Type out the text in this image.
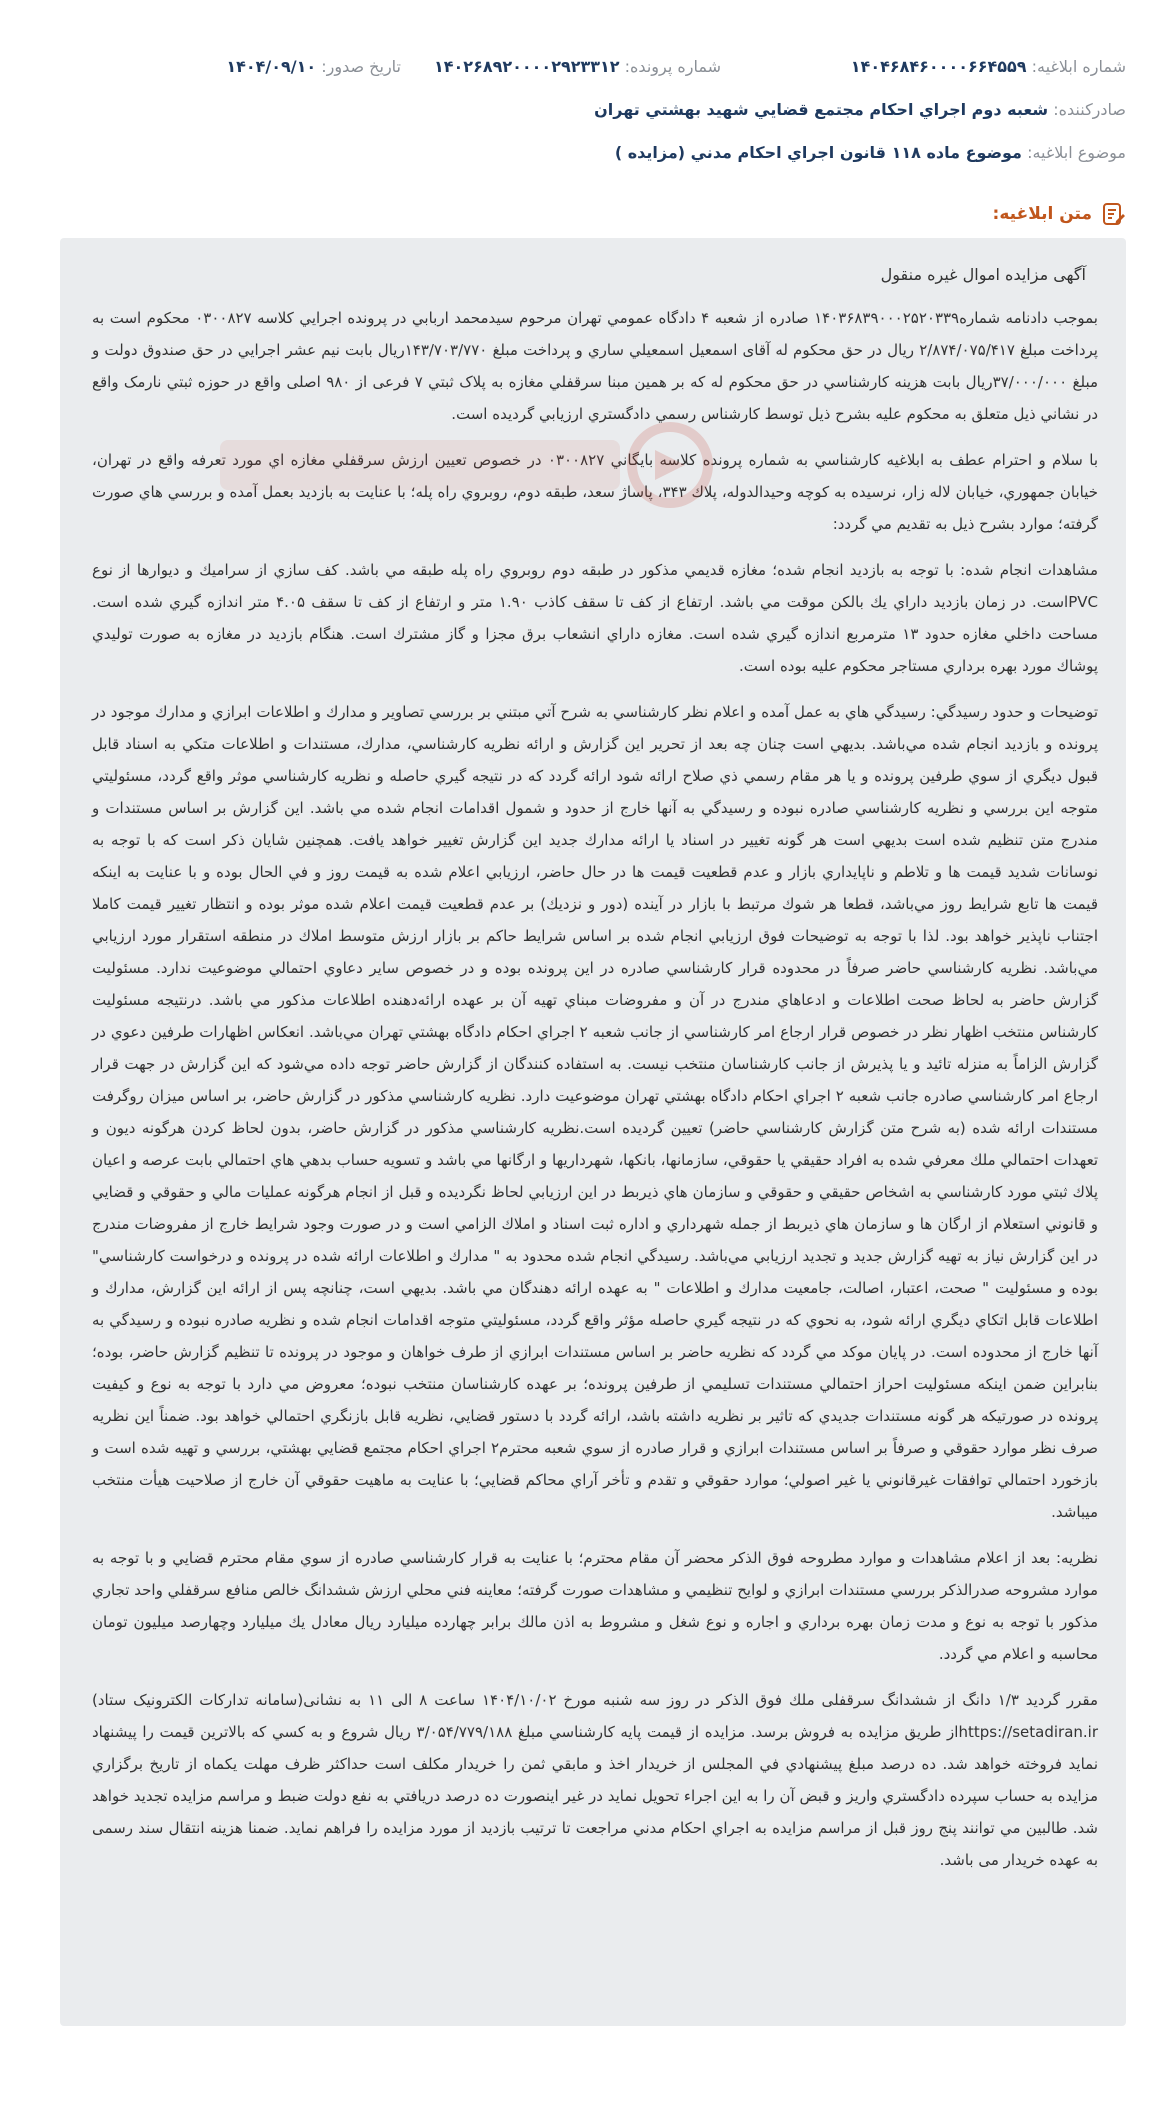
شماره ابلاغيه: ۱۴۰۴۶۸۴۶۰۰۰۰۶۶۴۵۵۹
شماره پرونده: ۱۴۰۲۶۸۹۲۰۰۰۰۲۹۲۳۳۱۲
تاريخ صدور: ۱۴۰۴/۰۹/۱۰
صادرکننده: شعبه دوم اجراي احكام مجتمع قضايي شهيد بهشتي تهران
موضوع ابلاغيه: موضوع ماده ۱۱۸ قانون اجراي احكام مدني (مزايده )
متن ابلاغيه:
آگهی مزایده اموال غیره منقول

بموجب دادنامه شماره۱۴۰۳۶۸۳۹۰۰۰۲۵۲۰۳۳۹ صادره از شعبه ۴ دادگاه عمومي تهران مرحوم سيدمحمد اربابي در پرونده اجرايي كلاسه ۰۳۰۰۸۲۷ محكوم است به پرداخت مبلغ ۲/۸۷۴/۰۷۵/۴۱۷ ريال در حق محكوم له آقای اسمعيل اسمعيلي ساري و پرداخت مبلغ ۱۴۳/۷۰۳/۷۷۰ريال بابت نيم عشر اجرایي در حق صندوق دولت و مبلغ ۳۷/۰۰۰/۰۰۰ريال بابت هزينه كارشناسي در حق محكوم له كه بر همين مبنا سرقفلي مغازه به پلاک ثبتي ۷ فرعی از ۹۸۰ اصلی واقع در حوزه ثبتي نارمک واقع در نشاني ذيل متعلق به محكوم عليه بشرح ذيل توسط كارشناس رسمي دادگستري ارزيابي گرديده است.

با سلام و احترام عطف به ابلاغيه كارشناسي به شماره پرونده كلاسه بايگاني ۰۳۰۰۸۲۷ در خصوص تعيين ارزش سرقفلي مغازه اي مورد تعرفه واقع در تهران، خيابان جمهوري، خيابان لاله زار، نرسيده به كوچه وحيدالدوله، پلاك ۳۴۳، پاساژ سعد، طبقه دوم، روبروي راه پله؛ با عنايت به بازديد بعمل آمده و بررسي هاي صورت گرفته؛ موارد بشرح ذيل به تقديم مي گردد:

مشاهدات انجام شده: با توجه به بازديد انجام شده؛ مغازه قديمي مذكور در طبقه دوم روبروي راه پله طبقه مي باشد. كف سازي از سراميك و ديوارها از نوع PVCاست. در زمان بازديد داراي يك بالكن موقت مي باشد. ارتفاع از كف تا سقف كاذب ۱.۹۰ متر و ارتفاع از كف تا سقف ۴.۰۵ متر اندازه گيري شده است. مساحت داخلي مغازه حدود ۱۳ مترمربع اندازه گيري شده است. مغازه داراي انشعاب برق مجزا و گاز مشترك است. هنگام بازديد در مغازه به صورت توليدي پوشاك مورد بهره برداري مستاجر محكوم عليه بوده است.

توضيحات و حدود رسيدگي: رسيدگي هاي به عمل آمده و اعلام نظر كارشناسي به شرح آتي مبتني بر بررسي تصاوير و مدارك و اطلاعات ابرازي و مدارك موجود در پرونده و بازديد انجام شده مي‌باشد. بديهي است چنان چه بعد از تحرير اين گزارش و ارائه نظريه كارشناسي، مدارك، مستندات و اطلاعات متكي به اسناد قابل قبول ديگري از سوي طرفين پرونده و يا هر مقام رسمي ذي صلاح ارائه شود ارائه گردد كه در نتيجه گيري حاصله و نظريه كارشناسي موثر واقع گردد، مسئوليتي متوجه اين بررسي و نظريه كارشناسي صادره نبوده و رسيدگي به آنها خارج از حدود و شمول اقدامات انجام شده مي باشد. اين گزارش بر اساس مستندات و مندرج متن تنظيم شده است بديهي است هر گونه تغيير در اسناد يا ارائه مدارك جديد اين گزارش تغيير خواهد يافت. همچنين شايان ذكر است كه با توجه به نوسانات شديد قيمت ها و تلاطم و ناپايداري بازار و عدم قطعيت قيمت ها در حال حاضر، ارزيابي اعلام شده به قيمت روز و في الحال بوده و با عنايت به اينكه قيمت ها تابع شرايط روز مي‌باشد، قطعا هر شوك مرتبط با بازار در آينده (دور و نزديك) بر عدم قطعيت قيمت اعلام شده موثر بوده و انتظار تغيير قيمت كاملا اجتناب ناپذير خواهد بود. لذا با توجه به توضيحات فوق ارزيابي انجام شده بر اساس شرايط حاكم بر بازار ارزش متوسط املاك در منطقه استقرار مورد ارزيابي مي‌باشد. نظريه كارشناسي حاضر صرفاً در محدوده قرار كارشناسي صادره در اين پرونده بوده و در خصوص ساير دعاوي احتمالي موضوعيت ندارد. مسئوليت گزارش حاضر به لحاظ صحت اطلاعات و ادعاهاي مندرج در آن و مفروضات مبناي تهيه آن بر عهده ارائه‌دهنده اطلاعات مذكور مي باشد. درنتيجه مسئوليت كارشناس منتخب اظهار نظر در خصوص قرار ارجاع امر كارشناسي از جانب شعبه ۲ اجراي احكام دادگاه بهشتي تهران مي‌باشد. انعكاس اظهارات طرفين دعوي در گزارش الزاماً به منزله تائيد و يا پذيرش از جانب كارشناسان منتخب نيست. به استفاده كنندگان از گزارش حاضر توجه داده مي‌شود كه اين گزارش در جهت قرار ارجاع امر كارشناسي صادره جانب شعبه ۲ اجراي احكام دادگاه بهشتي تهران موضوعيت دارد. نظريه كارشناسي مذكور در گزارش حاضر، بر اساس ميزان روگرفت مستندات ارائه شده (به شرح متن گزارش كارشناسي حاضر) تعيين گرديده است.نظريه كارشناسي مذكور در گزارش حاضر، بدون لحاظ كردن هرگونه ديون و تعهدات احتمالي ملك معرفي شده به افراد حقيقي يا حقوقي، سازمانها، بانكها، شهرداريها و ارگانها مي باشد و تسويه حساب بدهي هاي احتمالي بابت عرصه و اعيان پلاك ثبتي مورد كارشناسي به اشخاص حقيقي و حقوقي و سازمان هاي ذيربط در اين ارزيابي لحاظ نگرديده و قبل از انجام هرگونه عمليات مالي و حقوقي و قضايي و قانوني استعلام از ارگان ها و سازمان هاي ذيربط از جمله شهرداري و اداره ثبت اسناد و املاك الزامي است و در صورت وجود شرايط خارج از مفروضات مندرج در اين گزارش نياز به تهيه گزارش جديد و تجديد ارزيابي مي‌باشد. رسيدگي انجام شده محدود به " مدارك و اطلاعات ارائه شده در پرونده و درخواست كارشناسي" بوده و مسئوليت " صحت، اعتبار، اصالت، جامعيت مدارك و اطلاعات " به عهده ارائه دهندگان مي باشد. بديهي است، چنانچه پس از ارائه اين گزارش، مدارك و اطلاعات قابل اتكاي ديگري ارائه شود، به نحوي كه در نتيجه گيري حاصله مؤثر واقع گردد، مسئوليتي متوجه اقدامات انجام شده و نظريه صادره نبوده و رسيدگي به آنها خارج از محدوده است. در پايان موكد مي گردد كه نظريه حاضر بر اساس مستندات ابرازي از طرف خواهان و موجود در پرونده تا تنظيم گزارش حاضر، بوده؛ بنابراين ضمن اينكه مسئوليت احراز احتمالي مستندات تسليمي از طرفين پرونده؛ بر عهده كارشناسان منتخب نبوده؛ معروض مي دارد با توجه به نوع و كيفيت پرونده در صورتيكه هر گونه مستندات جديدي كه تاثير بر نظريه داشته باشد، ارائه گردد با دستور قضايي، نظريه قابل بازنگري احتمالي خواهد بود. ضمناً اين نظريه صرف نظر موارد حقوقي و صرفاً بر اساس مستندات ابرازي و قرار صادره از سوي شعبه محترم۲ اجراي احكام مجتمع قضايي بهشتي، بررسي و تهيه شده است و بازخورد احتمالي توافقات غيرقانوني يا غير اصولي؛ موارد حقوقي و تقدم و تأخر آراي محاكم قضايي؛ با عنايت به ماهيت حقوقي آن خارج از صلاحيت هيأت منتخب ميباشد.

نظريه: بعد از اعلام مشاهدات و موارد مطروحه فوق الذكر محضر آن مقام محترم؛ با عنايت به قرار كارشناسي صادره از سوي مقام محترم قضايي و با توجه به موارد مشروحه صدرالذكر بررسي مستندات ابرازي و لوايح تنظيمي و مشاهدات صورت گرفته؛ معاينه فني محلي ارزش ششدانگ خالص منافع سرقفلي واحد تجاري مذكور با توجه به نوع و مدت زمان بهره برداري و اجاره و نوع شغل و مشروط به اذن مالك برابر چهارده ميليارد ريال معادل يك ميليارد وچهارصد ميليون تومان محاسبه و اعلام مي گردد.

مقرر گرديد ۱/۳ دانگ از ششدانگ سرقفلی ملك فوق الذكر در روز سه شنبه مورخ ۱۴۰۴/۱۰/۰۲ ساعت ۸ الی ۱۱ به نشانی(سامانه تدارکات الکترونیک ستاد) https://setadiran.irاز طريق مزايده به فروش برسد. مزايده از قيمت پايه كارشناسي مبلغ ۳/۰۵۴/۷۷۹/۱۸۸ ريال شروع و به كسي كه بالاترين قيمت را پيشنهاد نمايد فروخته خواهد شد. ده درصد مبلغ پيشنهادي في المجلس از خريدار اخذ و مابقي ثمن را خريدار مكلف است حداكثر ظرف مهلت يكماه از تاريخ برگزاري مزايده به حساب سپرده دادگستري واريز و قبض آن را به اين اجراء تحويل نمايد در غير اينصورت ده درصد دريافتي به نفع دولت ضبط و مراسم مزايده تجديد خواهد شد. طالبين مي توانند پنج روز قبل از مراسم مزايده به اجراي احكام مدني مراجعت تا ترتيب بازديد از مورد مزايده را فراهم نمايد. ضمنا هزينه انتقال سند رسمی به عهده خریدار می باشد.
